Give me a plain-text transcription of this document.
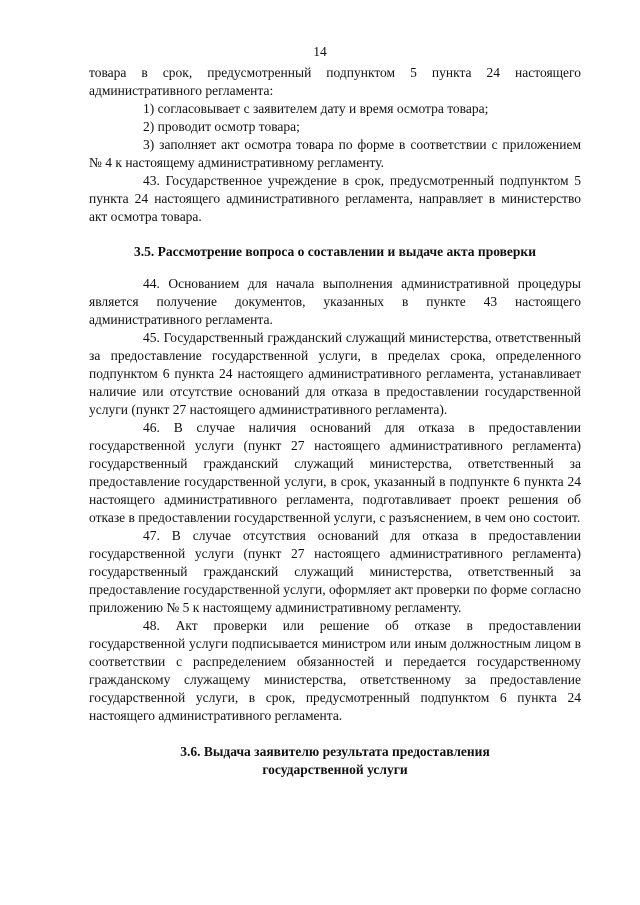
14

товара в срок, предусмотренный подпунктом 5 пункта 24 настоящего административного регламента:

1) согласовывает с заявителем дату и время осмотра товара;

2) проводит осмотр товара;

3) заполняет акт осмотра товара по форме в соответствии с приложением № 4 к настоящему административному регламенту.

43. Государственное учреждение в срок, предусмотренный подпунктом 5 пункта 24 настоящего административного регламента, направляет в министерство акт осмотра товара.

3.5. Рассмотрение вопроса о составлении и выдаче акта проверки

44. Основанием для начала выполнения административной процедуры является получение документов, указанных в пункте 43 настоящего административного регламента.

45. Государственный гражданский служащий министерства, ответственный за предоставление государственной услуги, в пределах срока, определенного подпунктом 6 пункта 24 настоящего административного регламента, устанавливает наличие или отсутствие оснований для отказа в предоставлении государственной услуги (пункт 27 настоящего административного регламента).

46. В случае наличия оснований для отказа в предоставлении государственной услуги (пункт 27 настоящего административного регламента) государственный гражданский служащий министерства, ответственный за предоставление государственной услуги, в срок, указанный в подпункте 6 пункта 24 настоящего административного регламента, подготавливает проект решения об отказе в предоставлении государственной услуги, с разъяснением, в чем оно состоит.

47. В случае отсутствия оснований для отказа в предоставлении государственной услуги (пункт 27 настоящего административного регламента) государственный гражданский служащий министерства, ответственный за предоставление государственной услуги, оформляет акт проверки по форме согласно приложению № 5 к настоящему административному регламенту.

48. Акт проверки или решение об отказе в предоставлении государственной услуги подписывается министром или иным должностным лицом в соответствии с распределением обязанностей и передается государственному гражданскому служащему министерства, ответственному за предоставление государственной услуги, в срок, предусмотренный подпунктом 6 пункта 24 настоящего административного регламента.

3.6. Выдача заявителю результата предоставления

государственной услуги
